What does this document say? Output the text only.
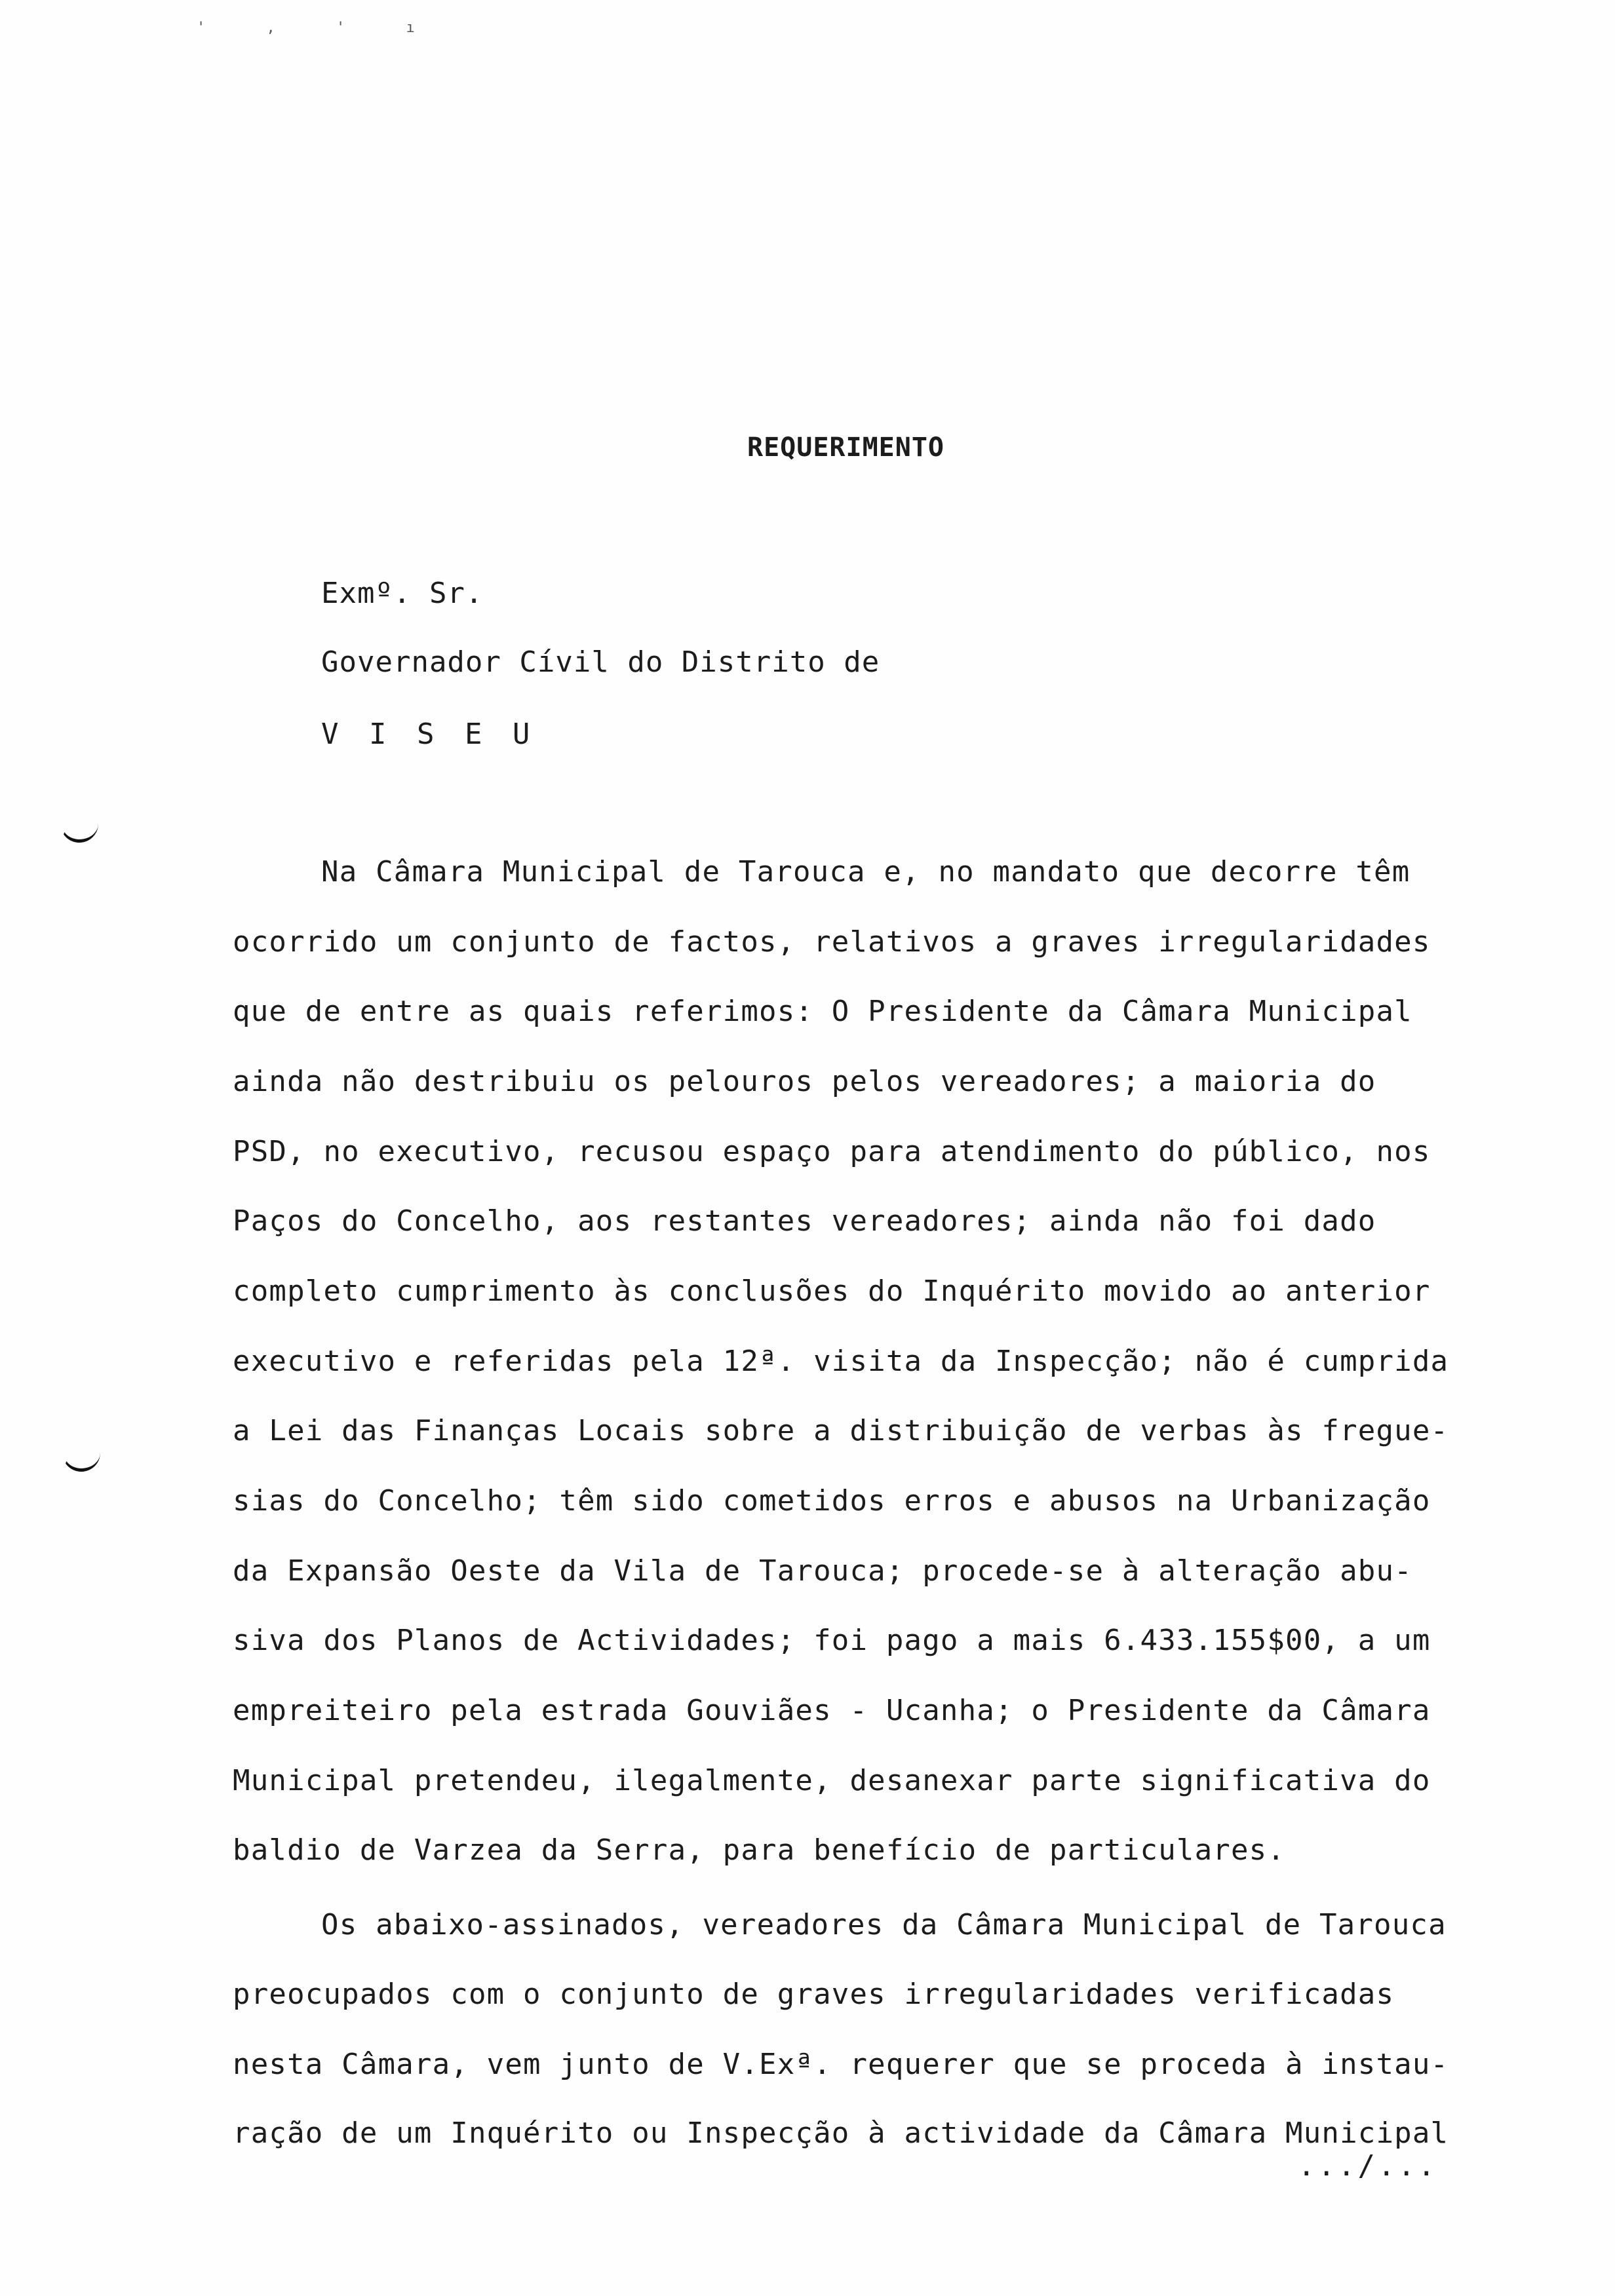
' , ' ı
REQUERIMENTO
Exmº. Sr.
Governador Cívil do Distrito de
V I S E U
Na Câmara Municipal de Tarouca e, no mandato que decorre têm
ocorrido um conjunto de factos, relativos a graves irregularidades
que de entre as quais referimos: O Presidente da Câmara Municipal
ainda não destribuiu os pelouros pelos vereadores; a maioria do
PSD, no executivo, recusou espaço para atendimento do público, nos
Paços do Concelho, aos restantes vereadores; ainda não foi dado
completo cumprimento às conclusões do Inquérito movido ao anterior
executivo e referidas pela 12ª. visita da Inspecção; não é cumprida
a Lei das Finanças Locais sobre a distribuição de verbas às fregue-
sias do Concelho; têm sido cometidos erros e abusos na Urbanização
da Expansão Oeste da Vila de Tarouca; procede-se à alteração abu-
siva dos Planos de Actividades; foi pago a mais 6.433.155$00, a um
empreiteiro pela estrada Gouviães - Ucanha; o Presidente da Câmara
Municipal pretendeu, ilegalmente, desanexar parte significativa do
baldio de Varzea da Serra, para benefício de particulares.
Os abaixo-assinados, vereadores da Câmara Municipal de Tarouca
preocupados com o conjunto de graves irregularidades verificadas
nesta Câmara, vem junto de V.Exª. requerer que se proceda à instau-
ração de um Inquérito ou Inspecção à actividade da Câmara Municipal
.../...
